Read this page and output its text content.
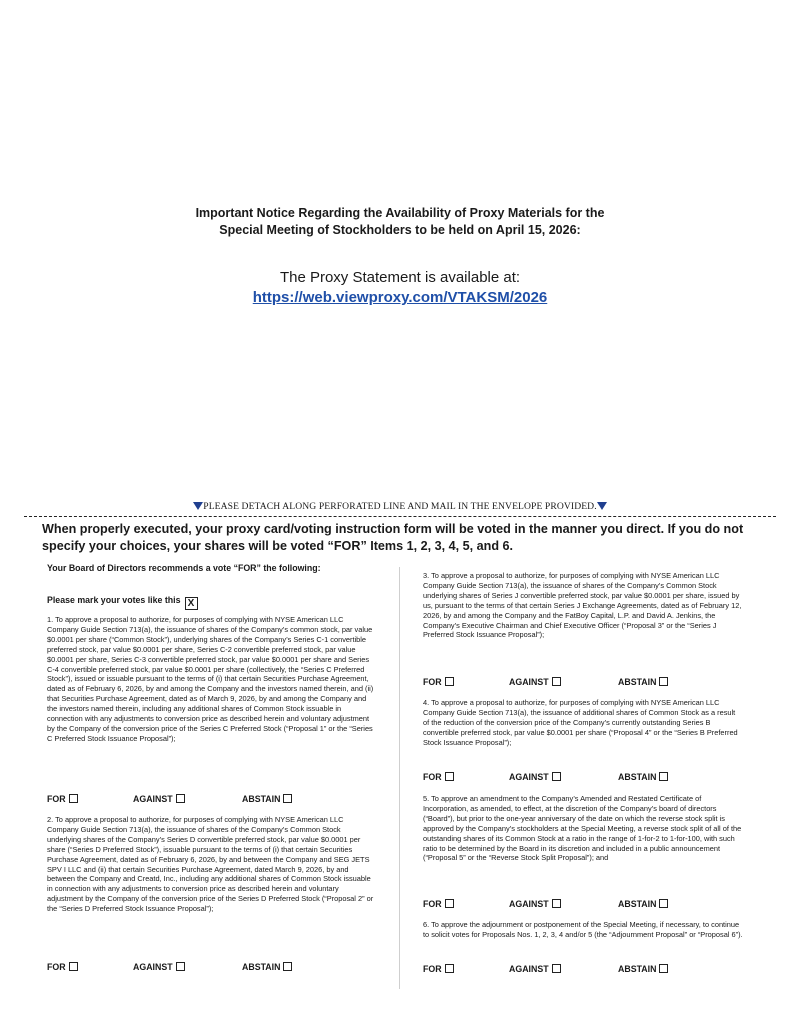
Important Notice Regarding the Availability of Proxy Materials for the
Special Meeting of Stockholders to be held on April 15, 2026:
The Proxy Statement is available at:
https://web.viewproxy.com/VTAKSM/2026
PLEASE DETACH ALONG PERFORATED LINE AND MAIL IN THE ENVELOPE PROVIDED.
When properly executed, your proxy card/voting instruction form will be voted in the manner you direct. If you do not specify your choices, your shares will be voted “FOR” Items 1, 2, 3, 4, 5, and 6.
Your Board of Directors recommends a vote “FOR” the following:
Please mark your votes like this X
1. To approve a proposal to authorize, for purposes of complying with NYSE American LLC Company Guide Section 713(a), the issuance of shares of the Company’s common stock, par value $0.0001 per share (“Common Stock”), underlying shares of the Company’s Series C-1 convertible preferred stock, par value $0.0001 per share, Series C-2 convertible preferred stock, par value $0.0001 per share, Series C-3 convertible preferred stock, par value $0.0001 per share and Series C-4 convertible preferred stock, par value $0.0001 per share (collectively, the “Series C Preferred Stock”), issued or issuable pursuant to the terms of (i) that certain Securities Purchase Agreement, dated as of February 6, 2026, by and among the Company and the investors named therein, and (ii) that Securities Purchase Agreement, dated as of March 9, 2026, by and among the Company and the investors named therein, including any additional shares of Common Stock issuable in connection with any adjustments to conversion price as described herein and voluntary adjustment by the Company of the conversion price of the Series C Preferred Stock (“Proposal 1” or the “Series C Preferred Stock Issuance Proposal”);
FOR	AGAINST	ABSTAIN
2. To approve a proposal to authorize, for purposes of complying with NYSE American LLC Company Guide Section 713(a), the issuance of shares of the Company’s Common Stock underlying shares of the Company’s Series D convertible preferred stock, par value $0.0001 per share (“Series D Preferred Stock”), issuable pursuant to the terms of (i) that certain Securities Purchase Agreement, dated as of February 6, 2026, by and between the Company and SEG JETS SPV I LLC and (ii) that certain Securities Purchase Agreement, dated March 9, 2026, by and between the Company and Creatd, Inc., including any additional shares of Common Stock issuable in connection with any adjustments to conversion price as described herein and voluntary adjustment by the Company of the conversion price of the Series D Preferred Stock (“Proposal 2” or the “Series D Preferred Stock Issuance Proposal”);
FOR	AGAINST	ABSTAIN
3. To approve a proposal to authorize, for purposes of complying with NYSE American LLC Company Guide Section 713(a), the issuance of shares of the Company’s Common Stock underlying shares of Series J convertible preferred stock, par value $0.0001 per share, issued by us, pursuant to the terms of that certain Series J Exchange Agreements, dated as of February 12, 2026, by and among the Company and the FatBoy Capital, L.P. and David A. Jenkins, the Company’s Executive Chairman and Chief Executive Officer (“Proposal 3” or the “Series J Preferred Stock Issuance Proposal”);
FOR	AGAINST	ABSTAIN
4. To approve a proposal to authorize, for purposes of complying with NYSE American LLC Company Guide Section 713(a), the issuance of additional shares of Common Stock as a result of the reduction of the conversion price of the Company’s currently outstanding Series B convertible preferred stock, par value $0.0001 per share (“Proposal 4” or the “Series B Preferred Stock Issuance Proposal”);
FOR	AGAINST	ABSTAIN
5. To approve an amendment to the Company’s Amended and Restated Certificate of Incorporation, as amended, to effect, at the discretion of the Company’s board of directors (“Board”), but prior to the one-year anniversary of the date on which the reverse stock split is approved by the Company’s stockholders at the Special Meeting, a reverse stock split of all of the outstanding shares of its Common Stock at a ratio in the range of 1-for-2 to 1-for-100, with such ratio to be determined by the Board in its discretion and included in a public announcement (“Proposal 5” or the “Reverse Stock Split Proposal”); and
FOR	AGAINST	ABSTAIN
6. To approve the adjournment or postponement of the Special Meeting, if necessary, to continue to solicit votes for Proposals Nos. 1, 2, 3, 4 and/or 5 (the “Adjournment Proposal” or “Proposal 6”).
FOR	AGAINST	ABSTAIN
